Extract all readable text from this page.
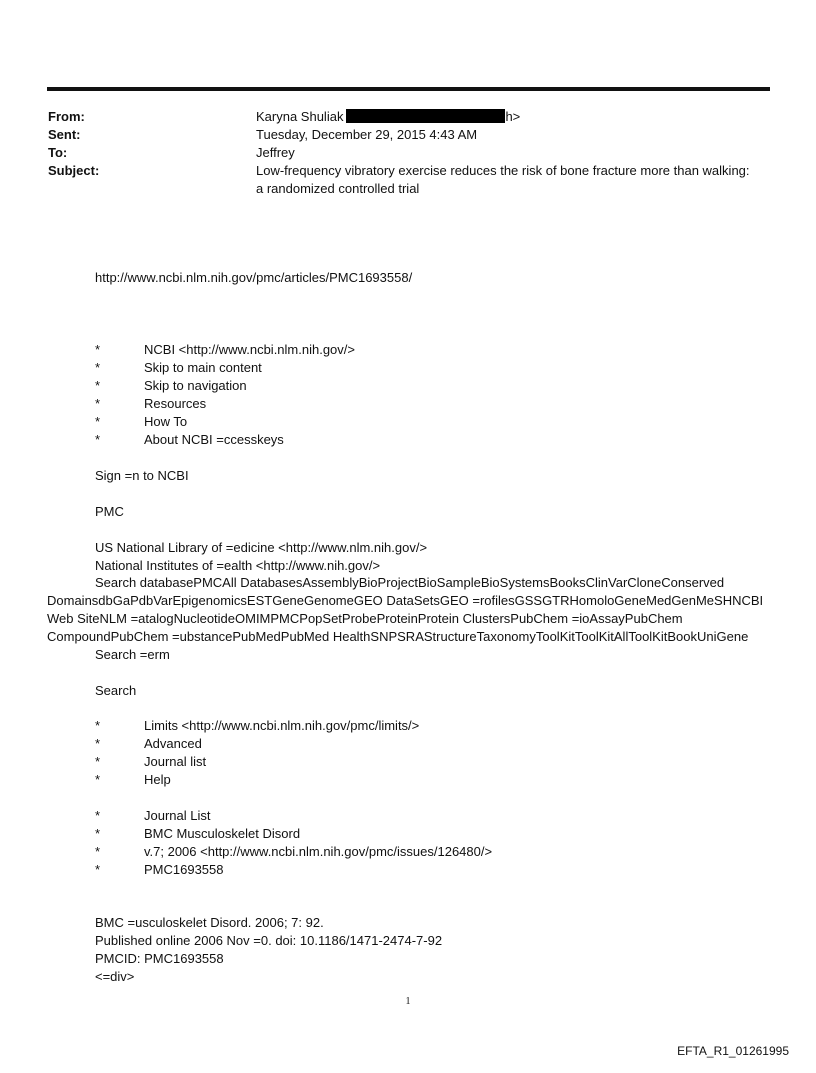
From:	Karyna Shuliak	h>
Sent:	Tuesday, December 29, 2015 4:43 AM
To:	Jeffrey
Subject:	Low-frequency vibratory exercise reduces the risk of bone fracture more than walking:
a randomized controlled trial
http://www.ncbi.nlm.nih.gov/pmc/articles/PMC1693558/
* NCBI <http://www.ncbi.nlm.nih.gov/>
* Skip to main content
* Skip to navigation
* Resources
* How To
* About NCBI =ccesskeys
Sign =n to NCBI
PMC
US National Library of =edicine <http://www.nlm.nih.gov/>
National Institutes of =ealth <http://www.nih.gov/>
Search databasePMCAll DatabasesAssemblyBioProjectBioSampleBioSystemsBooksClinVarCloneConserved
DomainsdbGaPdbVarEpigenomicsESTGeneGenomeGEO DataSetsGEO =rofilesGSSGTRHomoloGeneMedGenMeSHNCBI
Web SiteNLM =atalogNucleotideOMIMPMCPopSetProbeProteinProtein ClustersPubChem =ioAssayPubChem
CompoundPubChem =ubstancePubMedPubMed HealthSNPSRAStructureTaxonomyToolKitToolKitAllToolKitBookUniGene
Search =erm
Search
* Limits <http://www.ncbi.nlm.nih.gov/pmc/limits/>
* Advanced
* Journal list
* Help
* Journal List
* BMC Musculoskelet Disord
* v.7; 2006 <http://www.ncbi.nlm.nih.gov/pmc/issues/126480/>
* PMC1693558
BMC =usculoskelet Disord. 2006; 7: 92.
Published online 2006 Nov =0. doi: 10.1186/1471-2474-7-92
PMCID: PMC1693558
<=div>
1
EFTA_R1_01261995
